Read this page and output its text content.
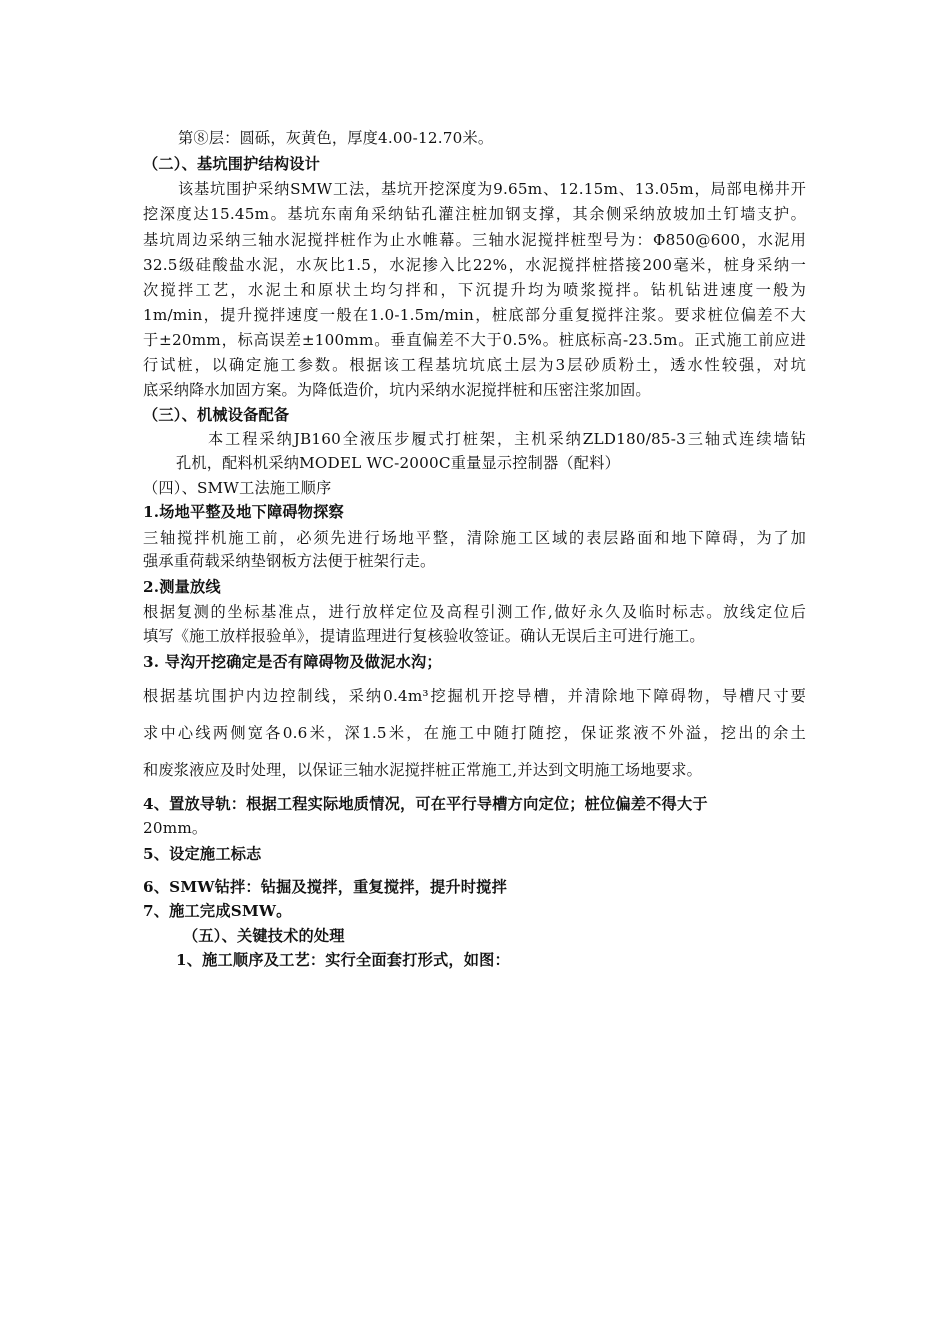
第⑧层：圆砾，灰黄色，厚度4.00-12.70米。
（二）、基坑围护结构设计
该基坑围护采纳SMW工法，基坑开挖深度为9.65m、12.15m、13.05m，局部电梯井开
挖深度达15.45m。基坑东南角采纳钻孔灌注桩加钢支撑，其余侧采纳放坡加土钉墙支护。
基坑周边采纳三轴水泥搅拌桩作为止水帷幕。三轴水泥搅拌桩型号为：Φ850@600，水泥用
32.5级硅酸盐水泥，水灰比1.5，水泥掺入比22%，水泥搅拌桩搭接200毫米，桩身采纳一
次搅拌工艺，水泥土和原状土均匀拌和，下沉提升均为喷浆搅拌。钻机钻进速度一般为
1m/min，提升搅拌速度一般在1.0-1.5m/min，桩底部分重复搅拌注浆。要求桩位偏差不大
于±20mm，标高误差±100mm。垂直偏差不大于0.5%。桩底标高-23.5m。正式施工前应进
行试桩，以确定施工参数。根据该工程基坑坑底土层为3层砂质粉土，透水性较强，对坑
底采纳降水加固方案。为降低造价，坑内采纳水泥搅拌桩和压密注浆加固。
（三）、机械设备配备
本工程采纳JB160全液压步履式打桩架，主机采纳ZLD180/85-3三轴式连续墙钻
孔机，配料机采纳MODEL WC-2000C重量显示控制器（配料）
（四）、SMW工法施工顺序
1.场地平整及地下障碍物探察
三轴搅拌机施工前，必须先进行场地平整，清除施工区域的表层路面和地下障碍，为了加
强承重荷载采纳垫钢板方法便于桩架行走。
2.测量放线
根据复测的坐标基准点，进行放样定位及高程引测工作,做好永久及临时标志。放线定位后
填写《施工放样报验单》，提请监理进行复核验收签证。确认无误后主可进行施工。
3. 导沟开挖确定是否有障碍物及做泥水沟；
根据基坑围护内边控制线，采纳0.4m³挖掘机开挖导槽，并清除地下障碍物，导槽尺寸要
求中心线两侧宽各0.6米，深1.5米，在施工中随打随挖，保证浆液不外溢，挖出的余土
和废浆液应及时处理，以保证三轴水泥搅拌桩正常施工,并达到文明施工场地要求。
4、置放导轨：根据工程实际地质情况，可在平行导槽方向定位；桩位偏差不得大于
20mm。
5、设定施工标志
6、SMW钻拌：钻掘及搅拌，重复搅拌，提升时搅拌
7、施工完成SMW。
（五）、关键技术的处理
1、施工顺序及工艺：实行全面套打形式，如图：
